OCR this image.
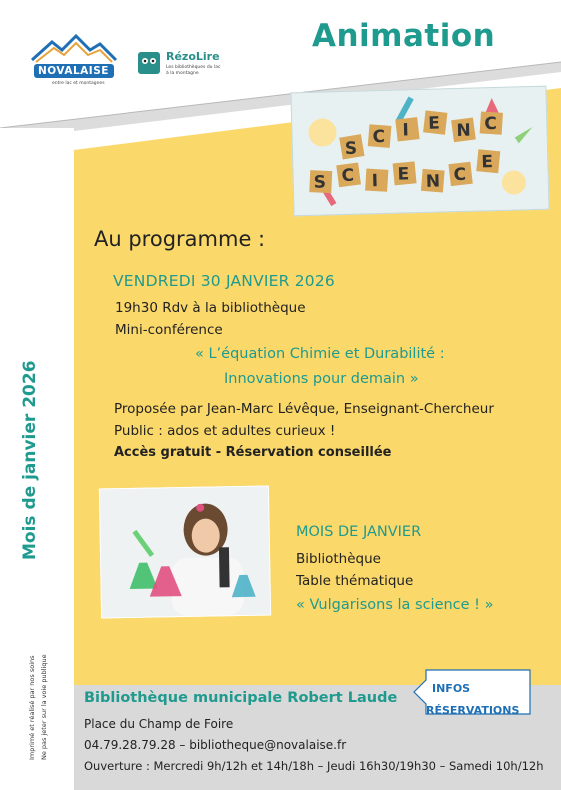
Mois de janvier 2026
Imprimé et réalisé par nos soins Ne pas jeter sur la voie publique
NOVALAISE
entre lac et montagnes
RézoLire
Les bibliothèques du lac à la montagne
Animation
S
C I E N C
S C I E N C
E
Au programme :
VENDREDI 30 JANVIER 2026
19h30 Rdv à la bibliothèque
Mini-conférence
« L’équation Chimie et Durabilité :
Innovations pour demain »
Proposée par Jean-Marc Lévêque, Enseignant-Chercheur
Public : ados et adultes curieux !
Accès gratuit - Réservation conseillée
MOIS DE JANVIER
Bibliothèque
Table thématique
« Vulgarisons la science ! »
Bibliothèque municipale Robert Laude
Place du Champ de Foire
04.79.28.79.28 – bibliotheque@novalaise.fr
Ouverture : Mercredi 9h/12h et 14h/18h – Jeudi 16h30/19h30 – Samedi 10h/12h
INFOS
RÉSERVATIONS
